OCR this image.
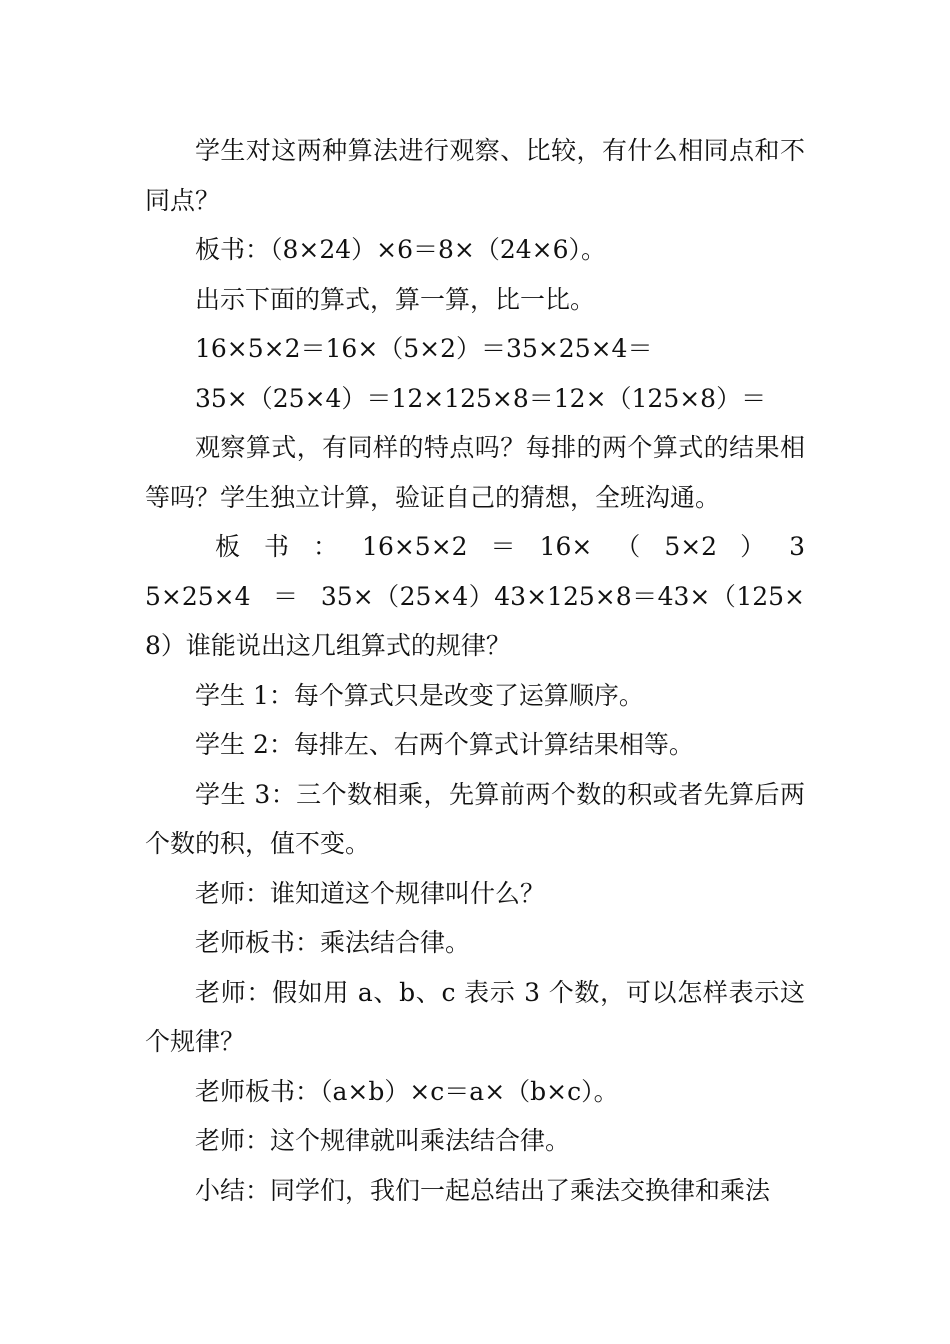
学生对这两种算法进行观察、比较，有什么相同点和不同点？

板书：（8×24）×6＝8×（24×6）。

出示下面的算式，算一算，比一比。

16×5×2＝16×（5×2）＝35×25×4＝

35×（25×4）＝12×125×8＝12×（125×8）＝

观察算式，有同样的特点吗？每排的两个算式的结果相等吗？学生独立计算，验证自己的猜想，全班沟通。

板 书 ： 16×5×2 ＝ 16× （ 5×2 ） 35×25×4 ＝ 35×（25×4）43×125×8＝43×（125×8）谁能说出这几组算式的规律？

学生 1：每个算式只是改变了运算顺序。

学生 2：每排左、右两个算式计算结果相等。

学生 3：三个数相乘，先算前两个数的积或者先算后两个数的积，值不变。

老师：谁知道这个规律叫什么？

老师板书：乘法结合律。

老师：假如用 a、b、c 表示 3 个数，可以怎样表示这个规律？

老师板书：（a×b）×c＝a×（b×c）。

老师：这个规律就叫乘法结合律。

小结：同学们，我们一起总结出了乘法交换律和乘法
